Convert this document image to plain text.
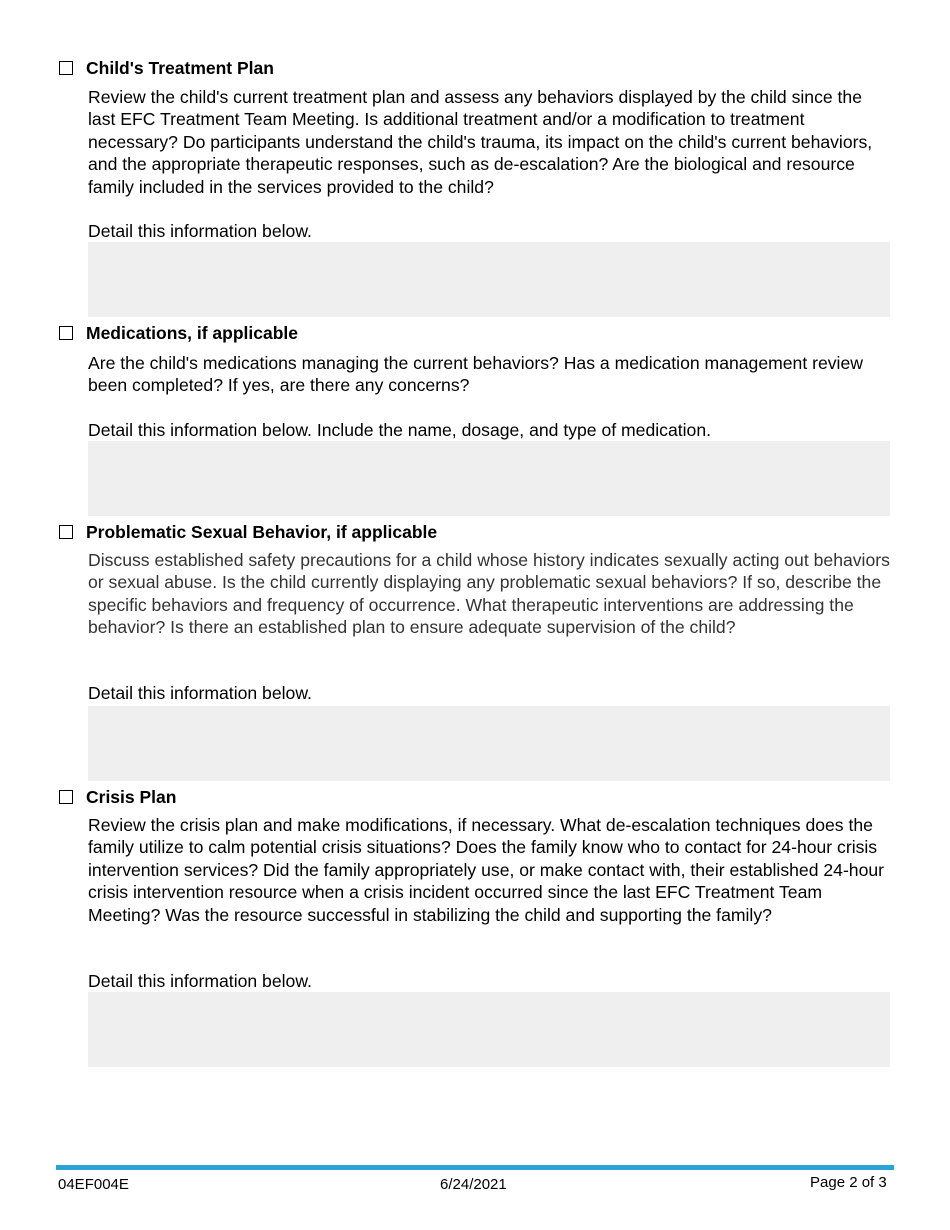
Child's Treatment Plan

Review the child's current treatment plan and assess any behaviors displayed by the child since the last EFC Treatment Team Meeting. Is additional treatment and/or a modification to treatment necessary? Do participants understand the child's trauma, its impact on the child's current behaviors, and the appropriate therapeutic responses, such as de-escalation? Are the biological and resource family included in the services provided to the child?

Detail this information below.

Medications, if applicable

Are the child's medications managing the current behaviors? Has a medication management review been completed? If yes, are there any concerns?

Detail this information below. Include the name, dosage, and type of medication.

Problematic Sexual Behavior, if applicable

Discuss established safety precautions for a child whose history indicates sexually acting out behaviors or sexual abuse. Is the child currently displaying any problematic sexual behaviors? If so, describe the specific behaviors and frequency of occurrence. What therapeutic interventions are addressing the behavior? Is there an established plan to ensure adequate supervision of the child?

Detail this information below.

Crisis Plan

Review the crisis plan and make modifications, if necessary. What de-escalation techniques does the family utilize to calm potential crisis situations? Does the family know who to contact for 24-hour crisis intervention services? Did the family appropriately use, or make contact with, their established 24-hour crisis intervention resource when a crisis incident occurred since the last EFC Treatment Team Meeting? Was the resource successful in stabilizing the child and supporting the family?

Detail this information below.

04EF004E	6/24/2021	Page 2 of 3
